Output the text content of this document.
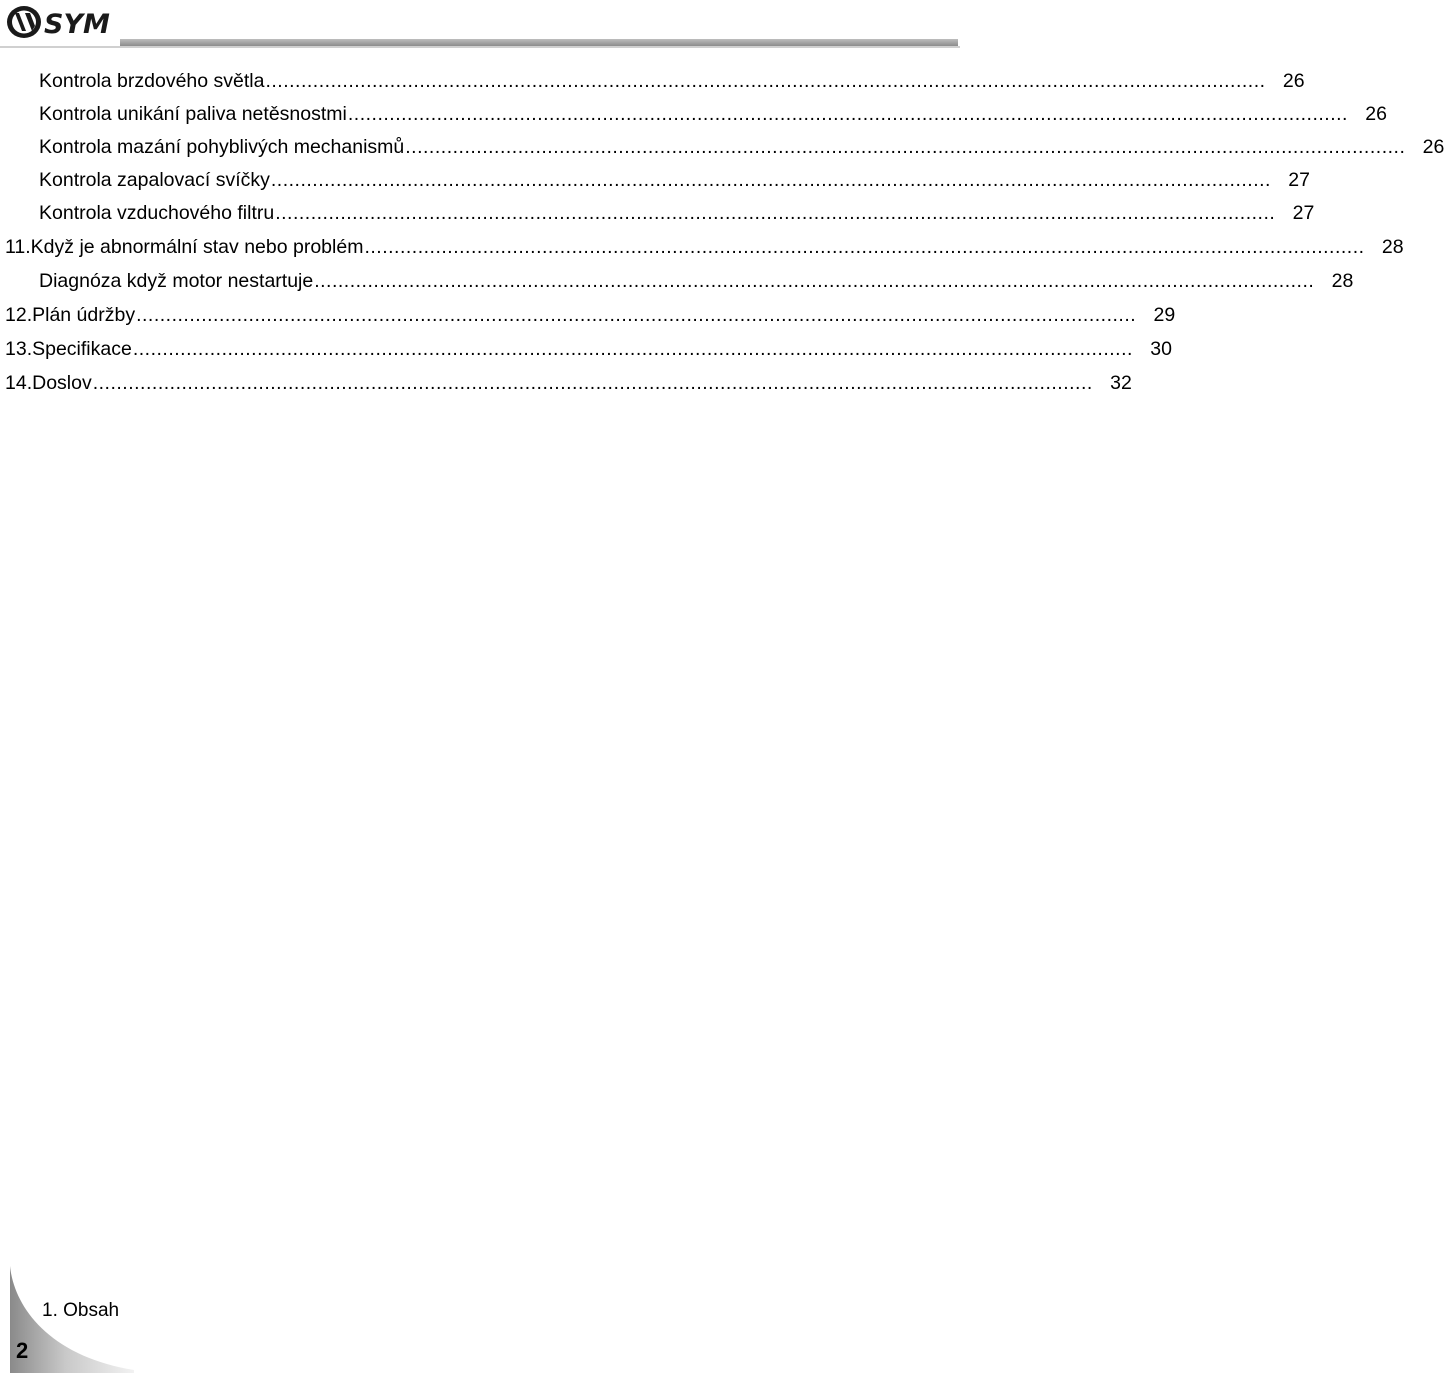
SYM
Kontrola brzdového světla ......................................................................................................................................................................... 26
Kontrola unikání paliva netěsnostmi ......................................................................................................................................................................... 26
Kontrola mazání pohyblivých mechanismů ......................................................................................................................................................................... 26
Kontrola zapalovací svíčky ......................................................................................................................................................................... 27
Kontrola vzduchového filtru ......................................................................................................................................................................... 27
11. Když je abnormální stav nebo problém ......................................................................................................................................................................... 28
Diagnóza když motor nestartuje ......................................................................................................................................................................... 28
12. Plán údržby ......................................................................................................................................................................... 29
13. Specifikace ......................................................................................................................................................................... 30
14. Doslov ......................................................................................................................................................................... 32
2
1. Obsah
